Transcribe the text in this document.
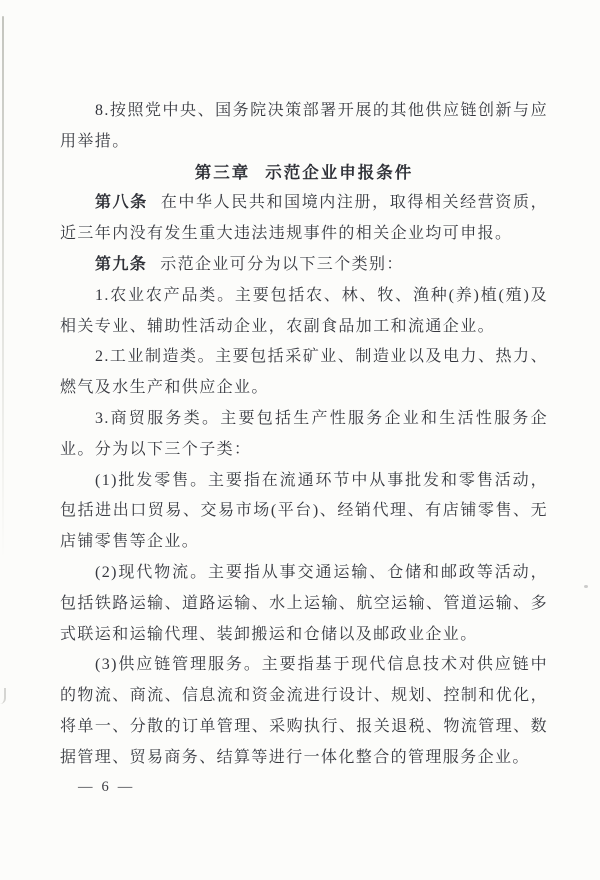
8.按照党中央、国务院决策部署开展的其他供应链创新与应用举措。

第三章 示范企业申报条件

第八条 在中华人民共和国境内注册，取得相关经营资质，近三年内没有发生重大违法违规事件的相关企业均可申报。

第九条 示范企业可分为以下三个类别：

1.农业农产品类。主要包括农、林、牧、渔种(养)植(殖)及相关专业、辅助性活动企业，农副食品加工和流通企业。

2.工业制造类。主要包括采矿业、制造业以及电力、热力、燃气及水生产和供应企业。

3.商贸服务类。主要包括生产性服务企业和生活性服务企业。分为以下三个子类：

(1)批发零售。主要指在流通环节中从事批发和零售活动，包括进出口贸易、交易市场(平台)、经销代理、有店铺零售、无店铺零售等企业。

(2)现代物流。主要指从事交通运输、仓储和邮政等活动，包括铁路运输、道路运输、水上运输、航空运输、管道运输、多式联运和运输代理、装卸搬运和仓储以及邮政业企业。

(3)供应链管理服务。主要指基于现代信息技术对供应链中的物流、商流、信息流和资金流进行设计、规划、控制和优化，将单一、分散的订单管理、采购执行、报关退税、物流管理、数据管理、贸易商务、结算等进行一体化整合的管理服务企业。

— 6 —
